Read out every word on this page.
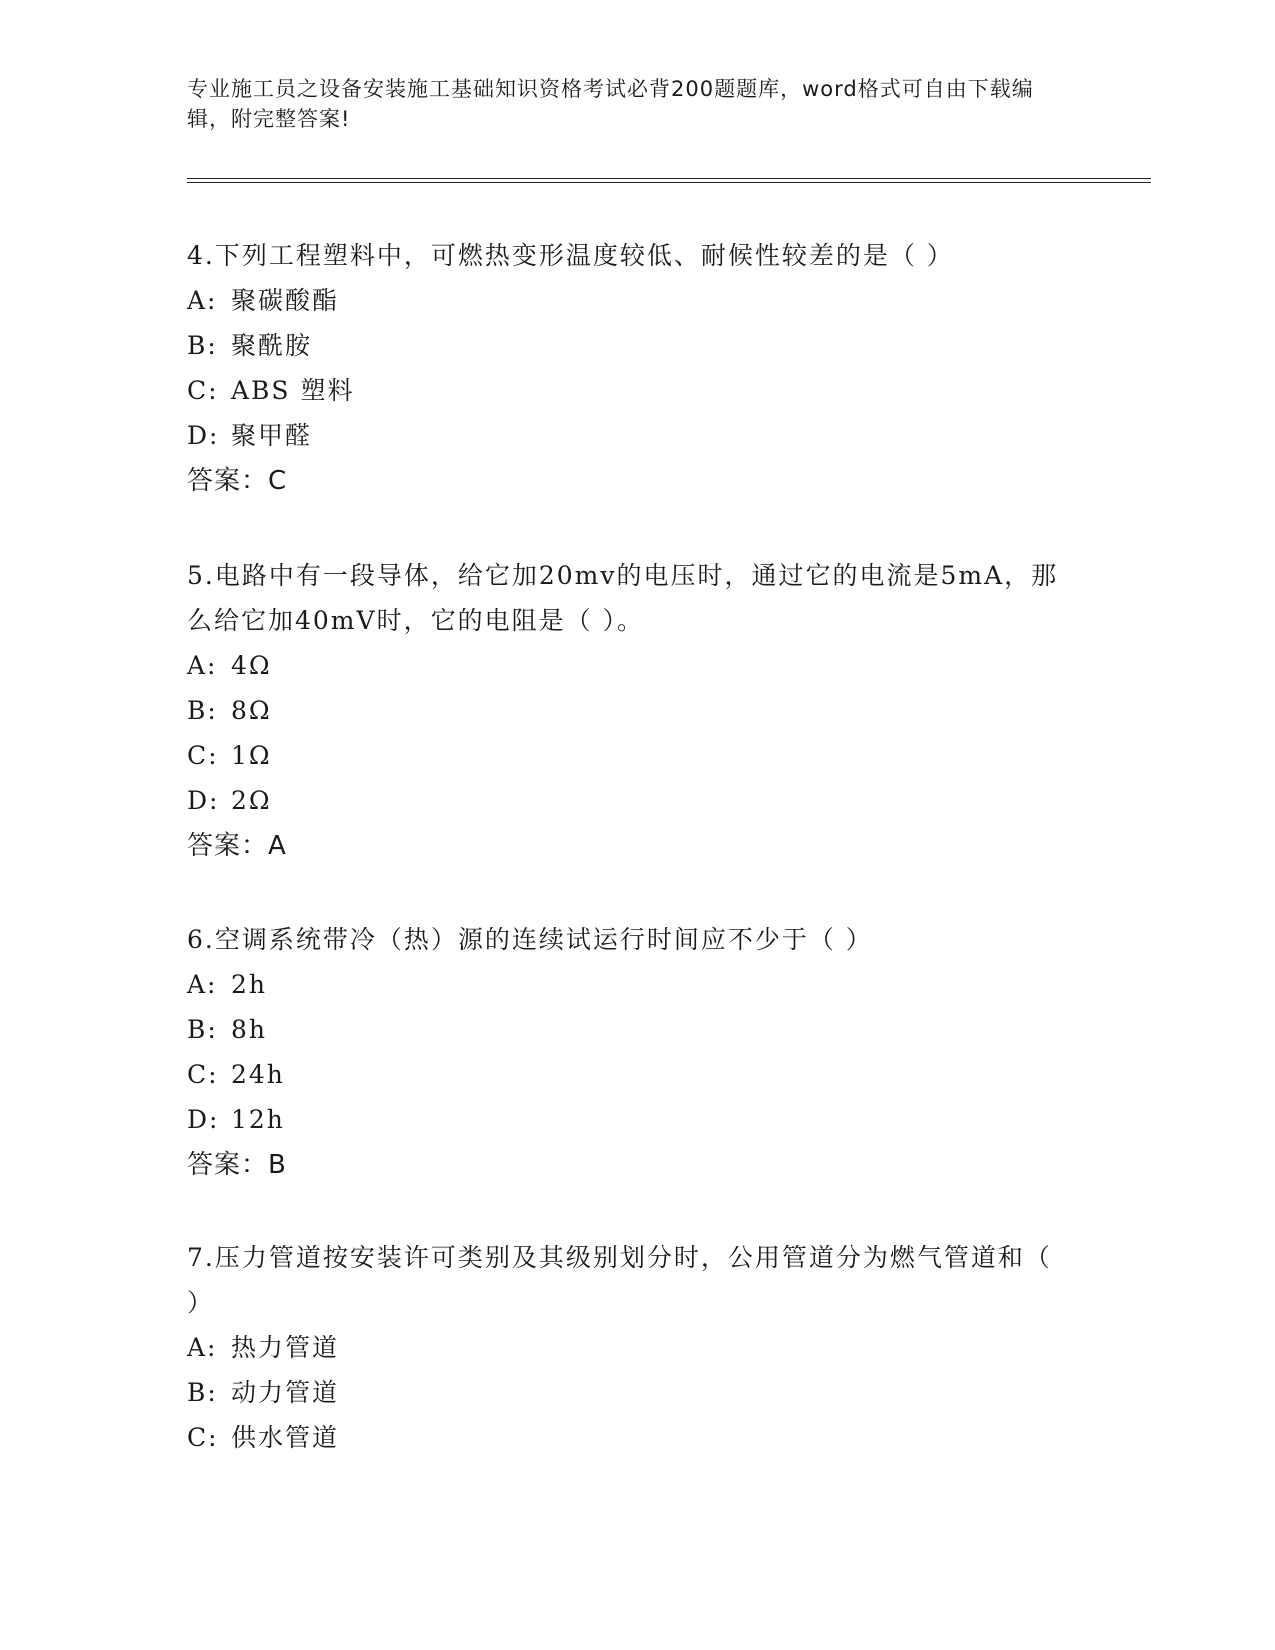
专业施工员之设备安装施工基础知识资格考试必背200题题库，word格式可自由下载编辑，附完整答案!

4.下列工程塑料中，可燃热变形温度较低、耐候性较差的是（ ）

A: 聚碳酸酯

B: 聚酰胺

C: ABS 塑料

D: 聚甲醛

答案：C

5.电路中有一段导体，给它加20mv的电压时，通过它的电流是5mA，那么给它加40mV时，它的电阻是（ ）。

A: 4Ω

B: 8Ω

C: 1Ω

D: 2Ω

答案：A

6.空调系统带冷（热）源的连续试运行时间应不少于（ ）

A: 2h

B: 8h

C: 24h

D: 12h

答案：B

7.压力管道按安装许可类别及其级别划分时，公用管道分为燃气管道和（ ）

A: 热力管道

B: 动力管道

C: 供水管道
